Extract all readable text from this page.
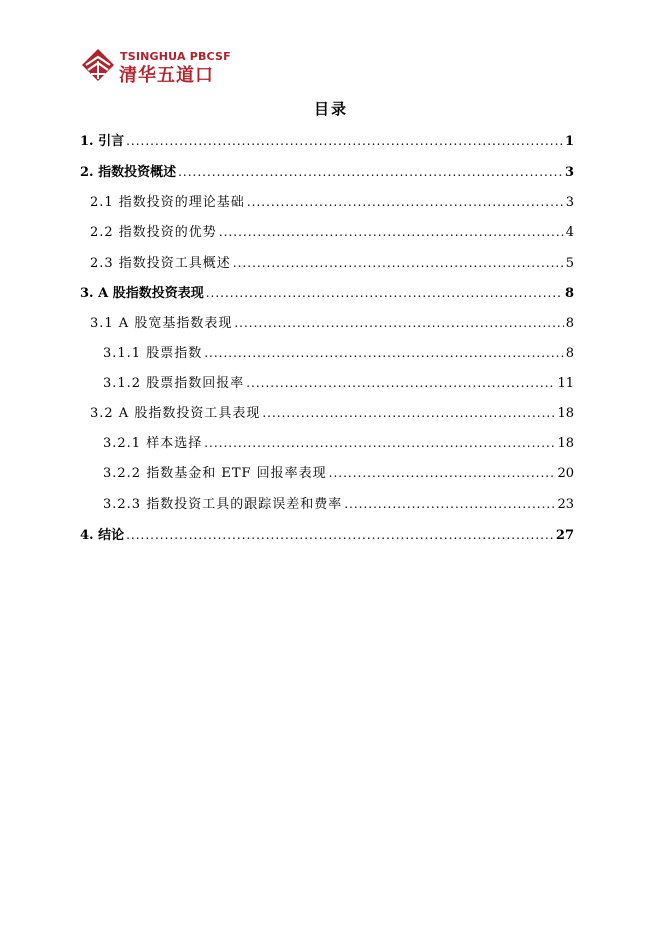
TSINGHUA PBCSF
清华五道口
目录
1. 引言 .....	1
2. 指数投资概述 .....	3
2.1 指数投资的理论基础 .....	3
2.2 指数投资的优势 .....	4
2.3 指数投资工具概述 .....	5
3. A 股指数投资表现 .....	8
3.1 A 股宽基指数表现 .....	8
3.1.1 股票指数 .....	8
3.1.2 股票指数回报率 .....	11
3.2 A 股指数投资工具表现 .....	18
3.2.1 样本选择 .....	18
3.2.2 指数基金和 ETF 回报率表现 .....	20
3.2.3 指数投资工具的跟踪误差和费率 .....	23
4. 结论 .....	27
